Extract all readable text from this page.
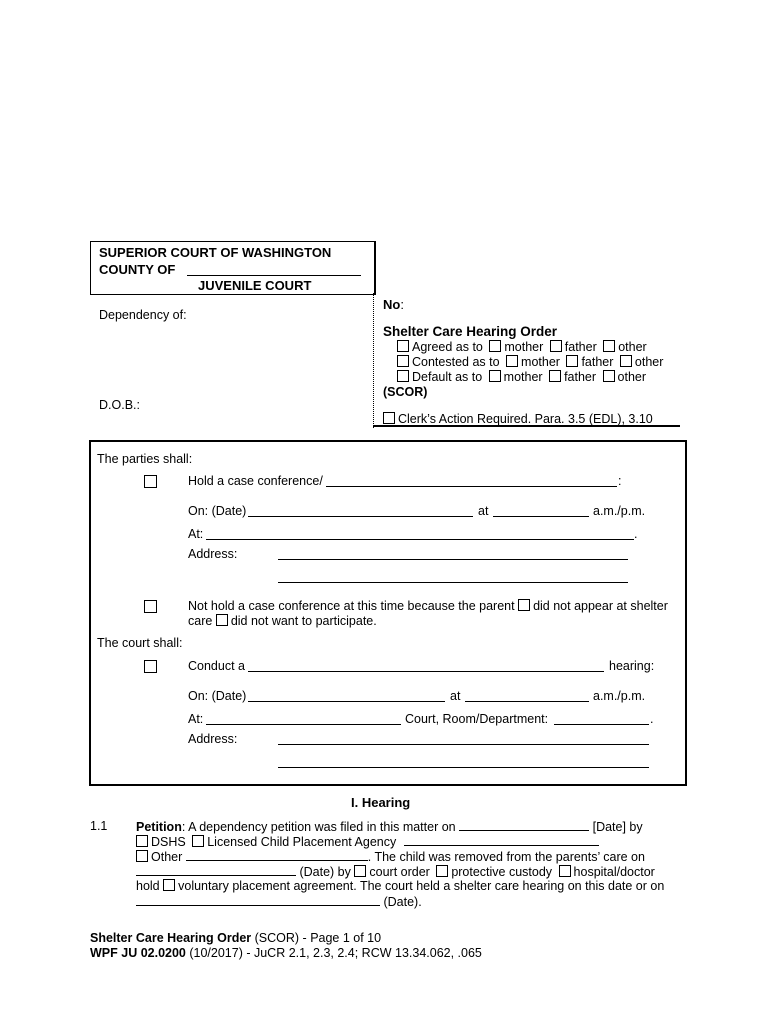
SUPERIOR COURT OF WASHINGTON
COUNTY OF
JUVENILE COURT
Dependency of:
D.O.B.:
No:
Shelter Care Hearing Order
Agreed as to mother father other
Contested as to mother father other
Default as to mother father other
(SCOR)
Clerk’s Action Required. Para. 3.5 (EDL), 3.10
The parties shall:
Hold a case conference/	:
On: (Date)	at	a.m./p.m.
At:	.
Address:
Not hold a case conference at this time because the parent did not appear at shelter
care did not want to participate.
The court shall:
Conduct a	hearing:
On: (Date)	at	a.m./p.m.
At:	Court, Room/Department:	.
Address:
I. Hearing
1.1 Petition: A dependency petition was filed in this matter on	[Date] by
DSHS Licensed Child Placement Agency
Other	. The child was removed from the parents’ care on
(Date) by court order protective custody hospital/doctor
hold voluntary placement agreement. The court held a shelter care hearing on this date or on
(Date).
Shelter Care Hearing Order (SCOR) - Page 1 of 10
WPF JU 02.0200 (10/2017) - JuCR 2.1, 2.3, 2.4; RCW 13.34.062, .065
